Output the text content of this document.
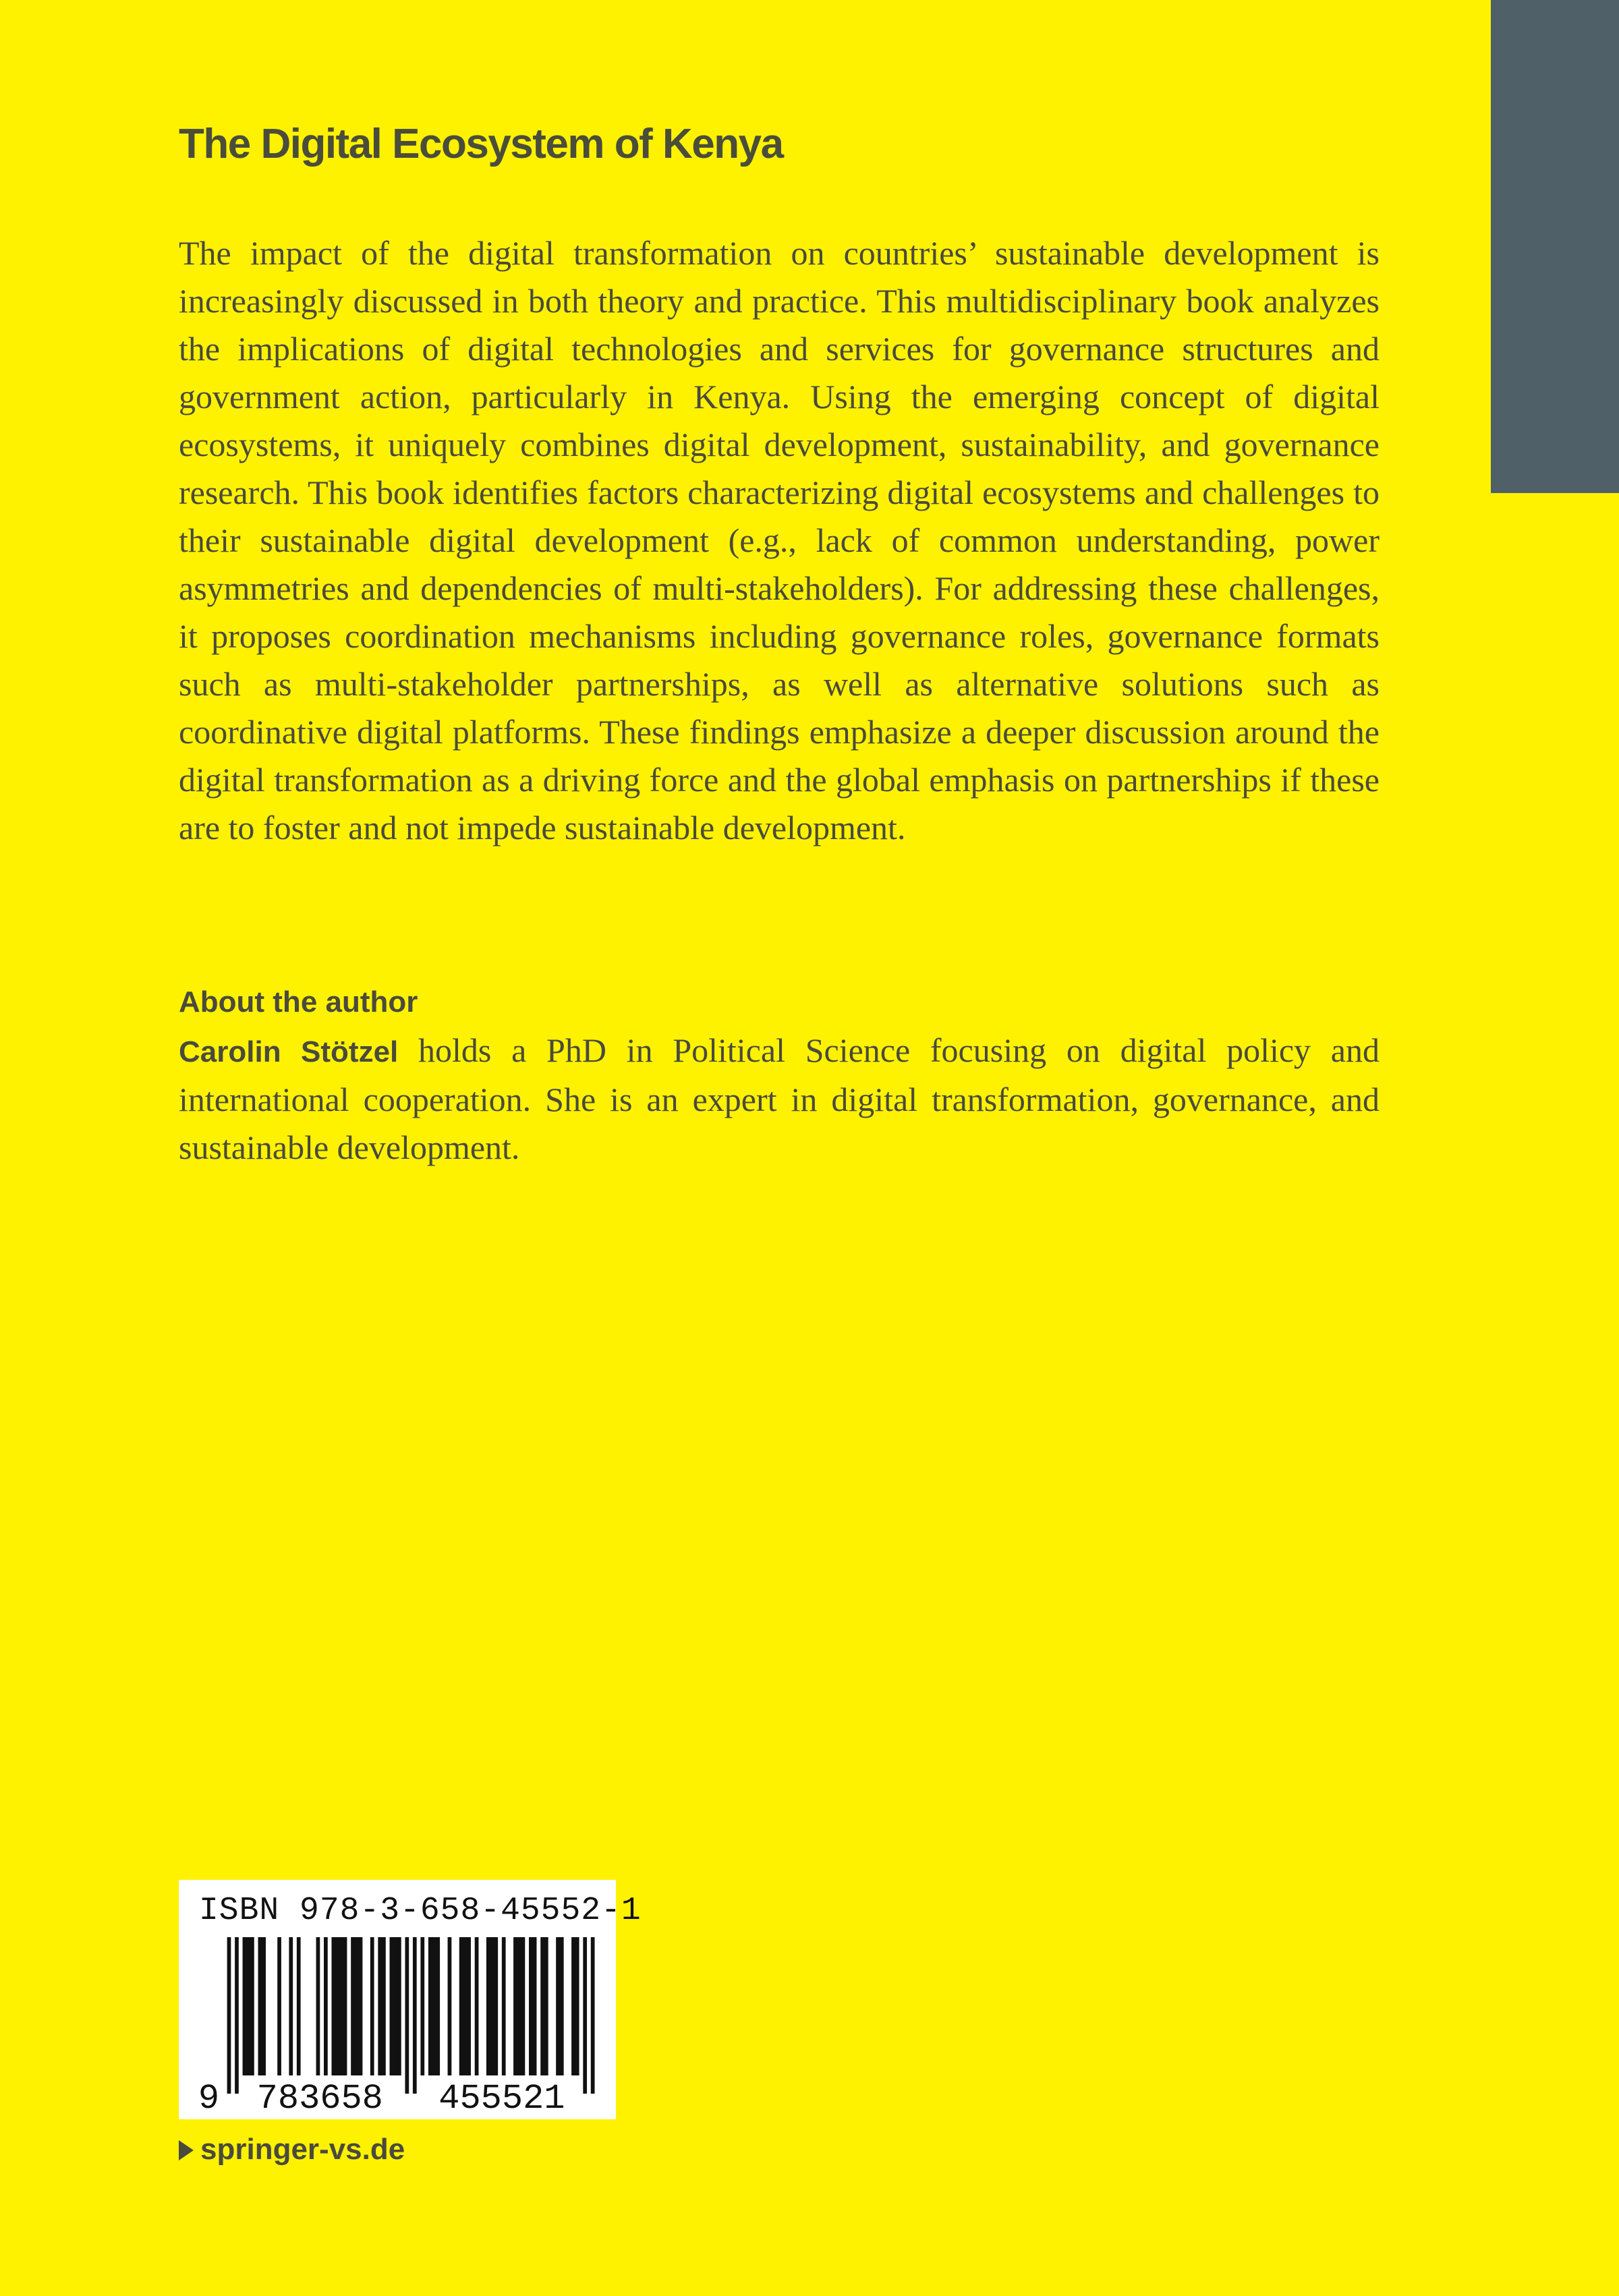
The Digital Ecosystem of Kenya

The impact of the digital transformation on countries’ sustainable development is increasingly discussed in both theory and practice. This multidisciplinary book analyzes the implications of digital technologies and services for governance structures and government action, particularly in Kenya. Using the emerging concept of digital ecosystems, it uniquely combines digital development, sustainability, and governance research. This book identifies factors characterizing digital ecosystems and challenges to their sustainable digital development (e.g., lack of common understanding, power asymmetries and dependencies of multi-stakeholders). For addressing these challenges, it proposes coordination mechanisms including governance roles, governance formats such as multi-stakeholder partnerships, as well as alternative solutions such as coordinative digital platforms. These findings emphasize a deeper discussion around the digital transformation as a driving force and the global emphasis on partnerships if these are to foster and not impede sustainable development.

About the author

Carolin Stötzel holds a PhD in Political Science focusing on digital policy and international cooperation. She is an expert in digital transformation, governance, and sustainable development.

ISBN 978-3-658-45552-1
9 783658 455521
springer-vs.de
